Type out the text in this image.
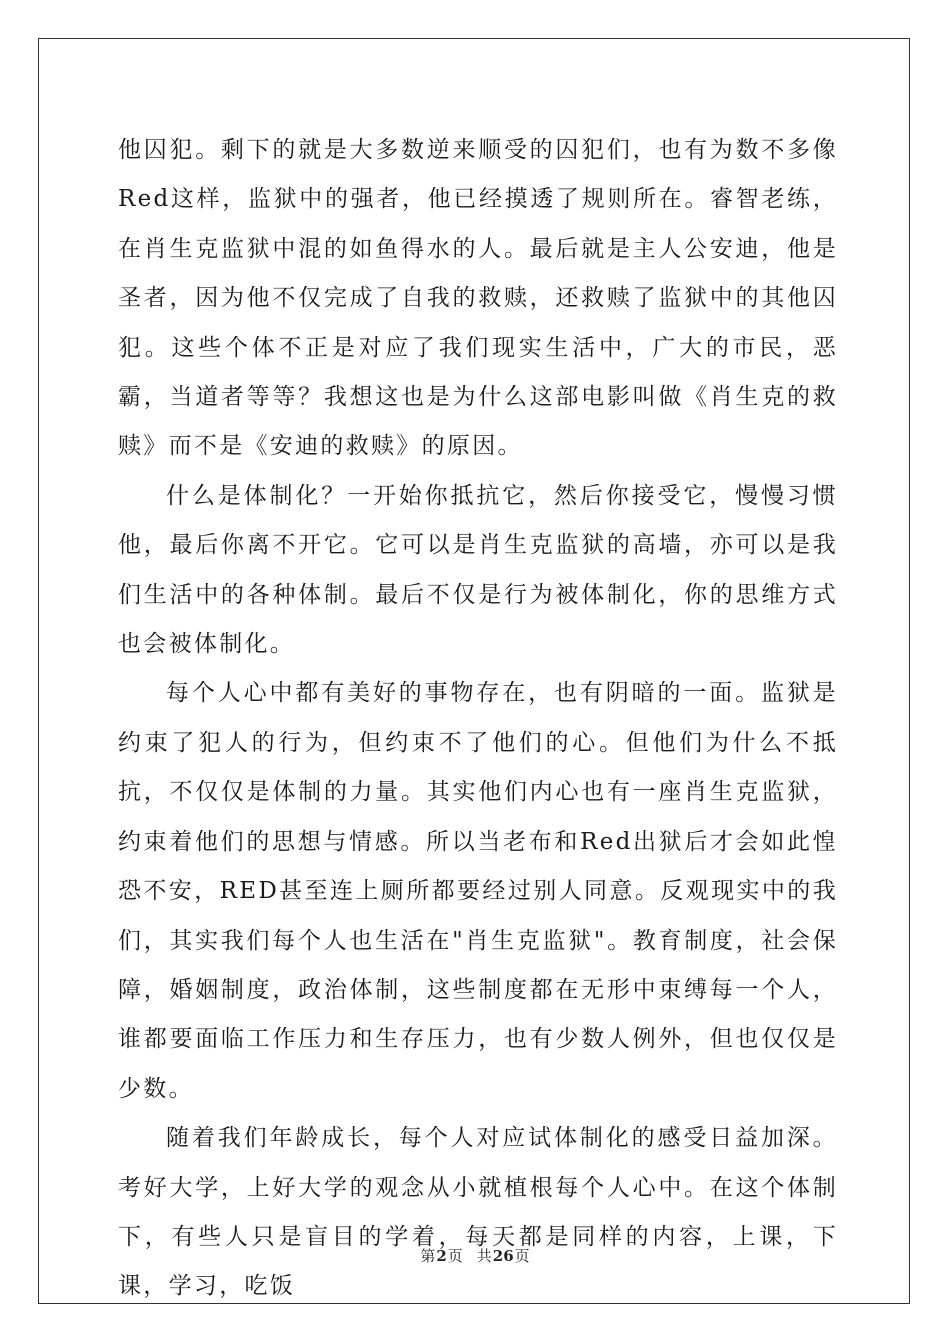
他囚犯。剩下的就是大多数逆来顺受的囚犯们，也有为数不多像Red这样，监狱中的强者，他已经摸透了规则所在。睿智老练，在肖生克监狱中混的如鱼得水的人。最后就是主人公安迪，他是圣者，因为他不仅完成了自我的救赎，还救赎了监狱中的其他囚犯。这些个体不正是对应了我们现实生活中，广大的市民，恶霸，当道者等等？我想这也是为什么这部电影叫做《肖生克的救赎》而不是《安迪的救赎》的原因。

什么是体制化？一开始你抵抗它，然后你接受它，慢慢习惯他，最后你离不开它。它可以是肖生克监狱的高墙，亦可以是我们生活中的各种体制。最后不仅是行为被体制化，你的思维方式也会被体制化。

每个人心中都有美好的事物存在，也有阴暗的一面。监狱是约束了犯人的行为，但约束不了他们的心。但他们为什么不抵抗，不仅仅是体制的力量。其实他们内心也有一座肖生克监狱，约束着他们的思想与情感。所以当老布和Red出狱后才会如此惶恐不安，RED甚至连上厕所都要经过别人同意。反观现实中的我们，其实我们每个人也生活在"肖生克监狱"。教育制度，社会保障，婚姻制度，政治体制，这些制度都在无形中束缚每一个人，谁都要面临工作压力和生存压力，也有少数人例外，但也仅仅是少数。

随着我们年龄成长，每个人对应试体制化的感受日益加深。考好大学，上好大学的观念从小就植根每个人心中。在这个体制下，有些人只是盲目的学着，每天都是同样的内容，上课，下课，学习，吃饭

第2页 共26页
